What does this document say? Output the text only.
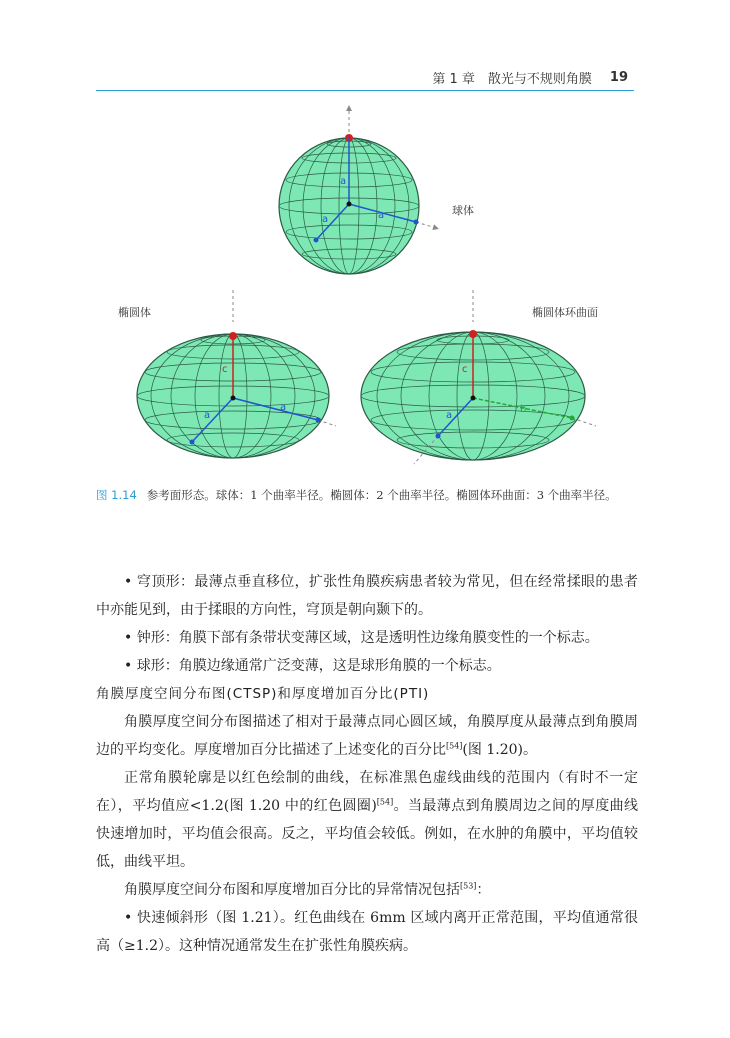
第 1 章　散光与不规则角膜 19
a
a	a	球体
椭圆体
c
a
a
椭圆体环曲面
c
a
b
图 1.14 参考面形态。球体：1 个曲率半径。椭圆体：2 个曲率半径。椭圆体环曲面：3 个曲率半径。

• 穹顶形：最薄点垂直移位，扩张性角膜疾病患者较为常见，但在经常揉眼的患者中亦能见到，由于揉眼的方向性，穹顶是朝向颞下的。

• 钟形：角膜下部有条带状变薄区域，这是透明性边缘角膜变性的一个标志。

• 球形：角膜边缘通常广泛变薄，这是球形角膜的一个标志。

角膜厚度空间分布图(CTSP)和厚度增加百分比(PTI)

角膜厚度空间分布图描述了相对于最薄点同心圆区域，角膜厚度从最薄点到角膜周边的平均变化。厚度增加百分比描述了上述变化的百分比[54](图 1.20)。

正常角膜轮廓是以红色绘制的曲线，在标准黑色虚线曲线的范围内（有时不一定在），平均值应<1.2(图 1.20 中的红色圆圈)[54]。当最薄点到角膜周边之间的厚度曲线快速增加时，平均值会很高。反之，平均值会较低。例如，在水肿的角膜中，平均值较低，曲线平坦。

角膜厚度空间分布图和厚度增加百分比的异常情况包括[53]：

• 快速倾斜形（图 1.21）。红色曲线在 6mm 区域内离开正常范围，平均值通常很高（≥1.2）。这种情况通常发生在扩张性角膜疾病。
